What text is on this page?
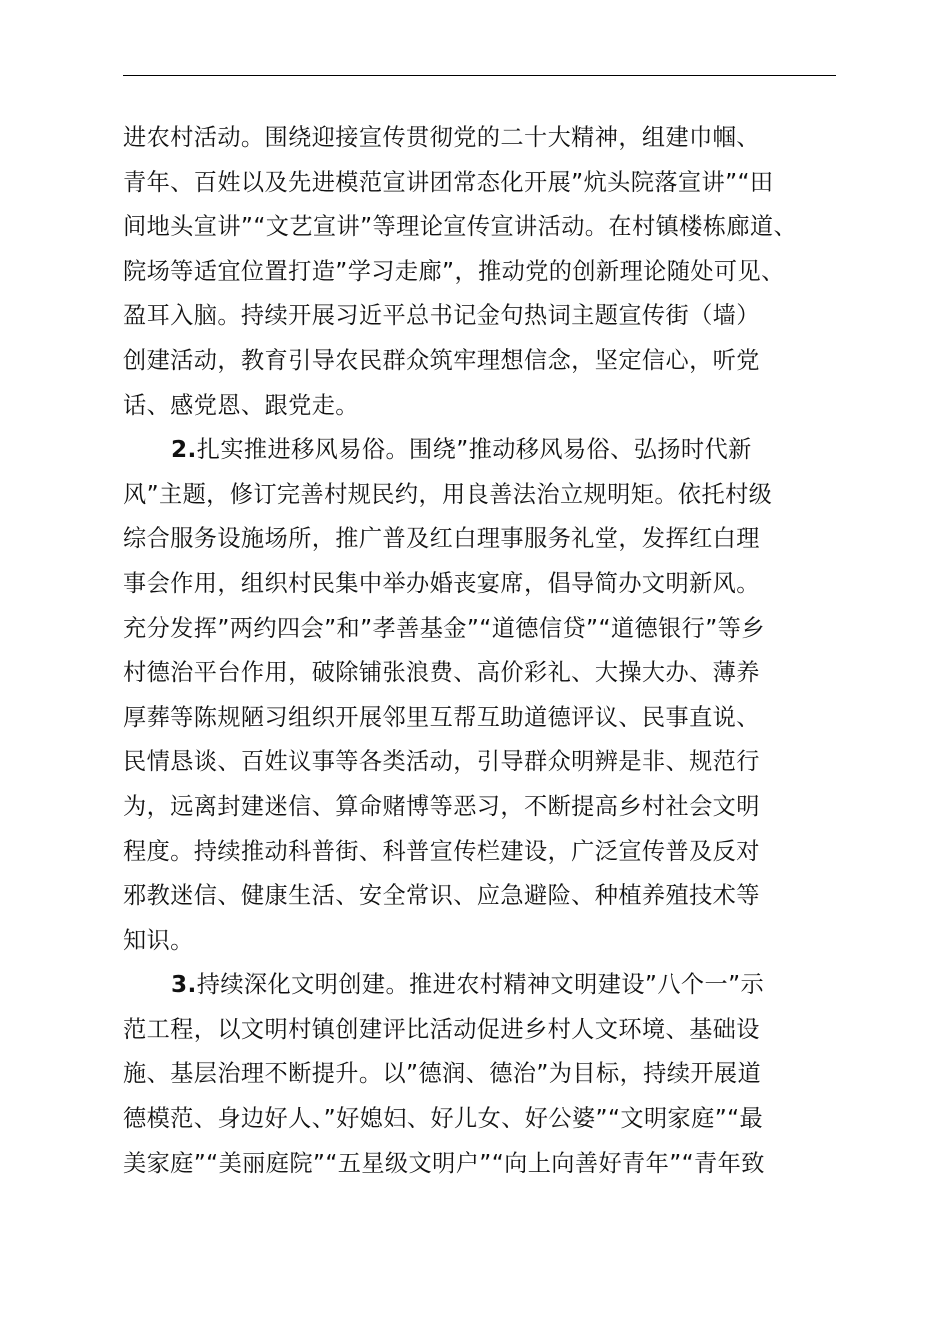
进农村活动。围绕迎接宣传贯彻党的二十大精神，组建巾帼、
青年、百姓以及先进模范宣讲团常态化开展”炕头院落宣讲”“田
间地头宣讲”“文艺宣讲”等理论宣传宣讲活动。在村镇楼栋廊道、
院场等适宜位置打造”学习走廊”，推动党的创新理论随处可见、
盈耳入脑。持续开展习近平总书记金句热词主题宣传街（墙）
创建活动，教育引导农民群众筑牢理想信念，坚定信心，听党
话、感党恩、跟党走。
2.扎实推进移风易俗。围绕”推动移风易俗、弘扬时代新
风”主题，修订完善村规民约，用良善法治立规明矩。依托村级
综合服务设施场所，推广普及红白理事服务礼堂，发挥红白理
事会作用，组织村民集中举办婚丧宴席，倡导简办文明新风。
充分发挥”两约四会”和”孝善基金”“道德信贷”“道德银行”等乡
村德治平台作用，破除铺张浪费、高价彩礼、大操大办、薄养
厚葬等陈规陋习组织开展邻里互帮互助道德评议、民事直说、
民情恳谈、百姓议事等各类活动，引导群众明辨是非、规范行
为，远离封建迷信、算命赌博等恶习，不断提高乡村社会文明
程度。持续推动科普街、科普宣传栏建设，广泛宣传普及反对
邪教迷信、健康生活、安全常识、应急避险、种植养殖技术等
知识。
3.持续深化文明创建。推进农村精神文明建设”八个一”示
范工程，以文明村镇创建评比活动促进乡村人文环境、基础设
施、基层治理不断提升。以”德润、德治”为目标，持续开展道
德模范、身边好人、”好媳妇、好儿女、好公婆”“文明家庭”“最
美家庭”“美丽庭院”“五星级文明户”“向上向善好青年”“青年致
